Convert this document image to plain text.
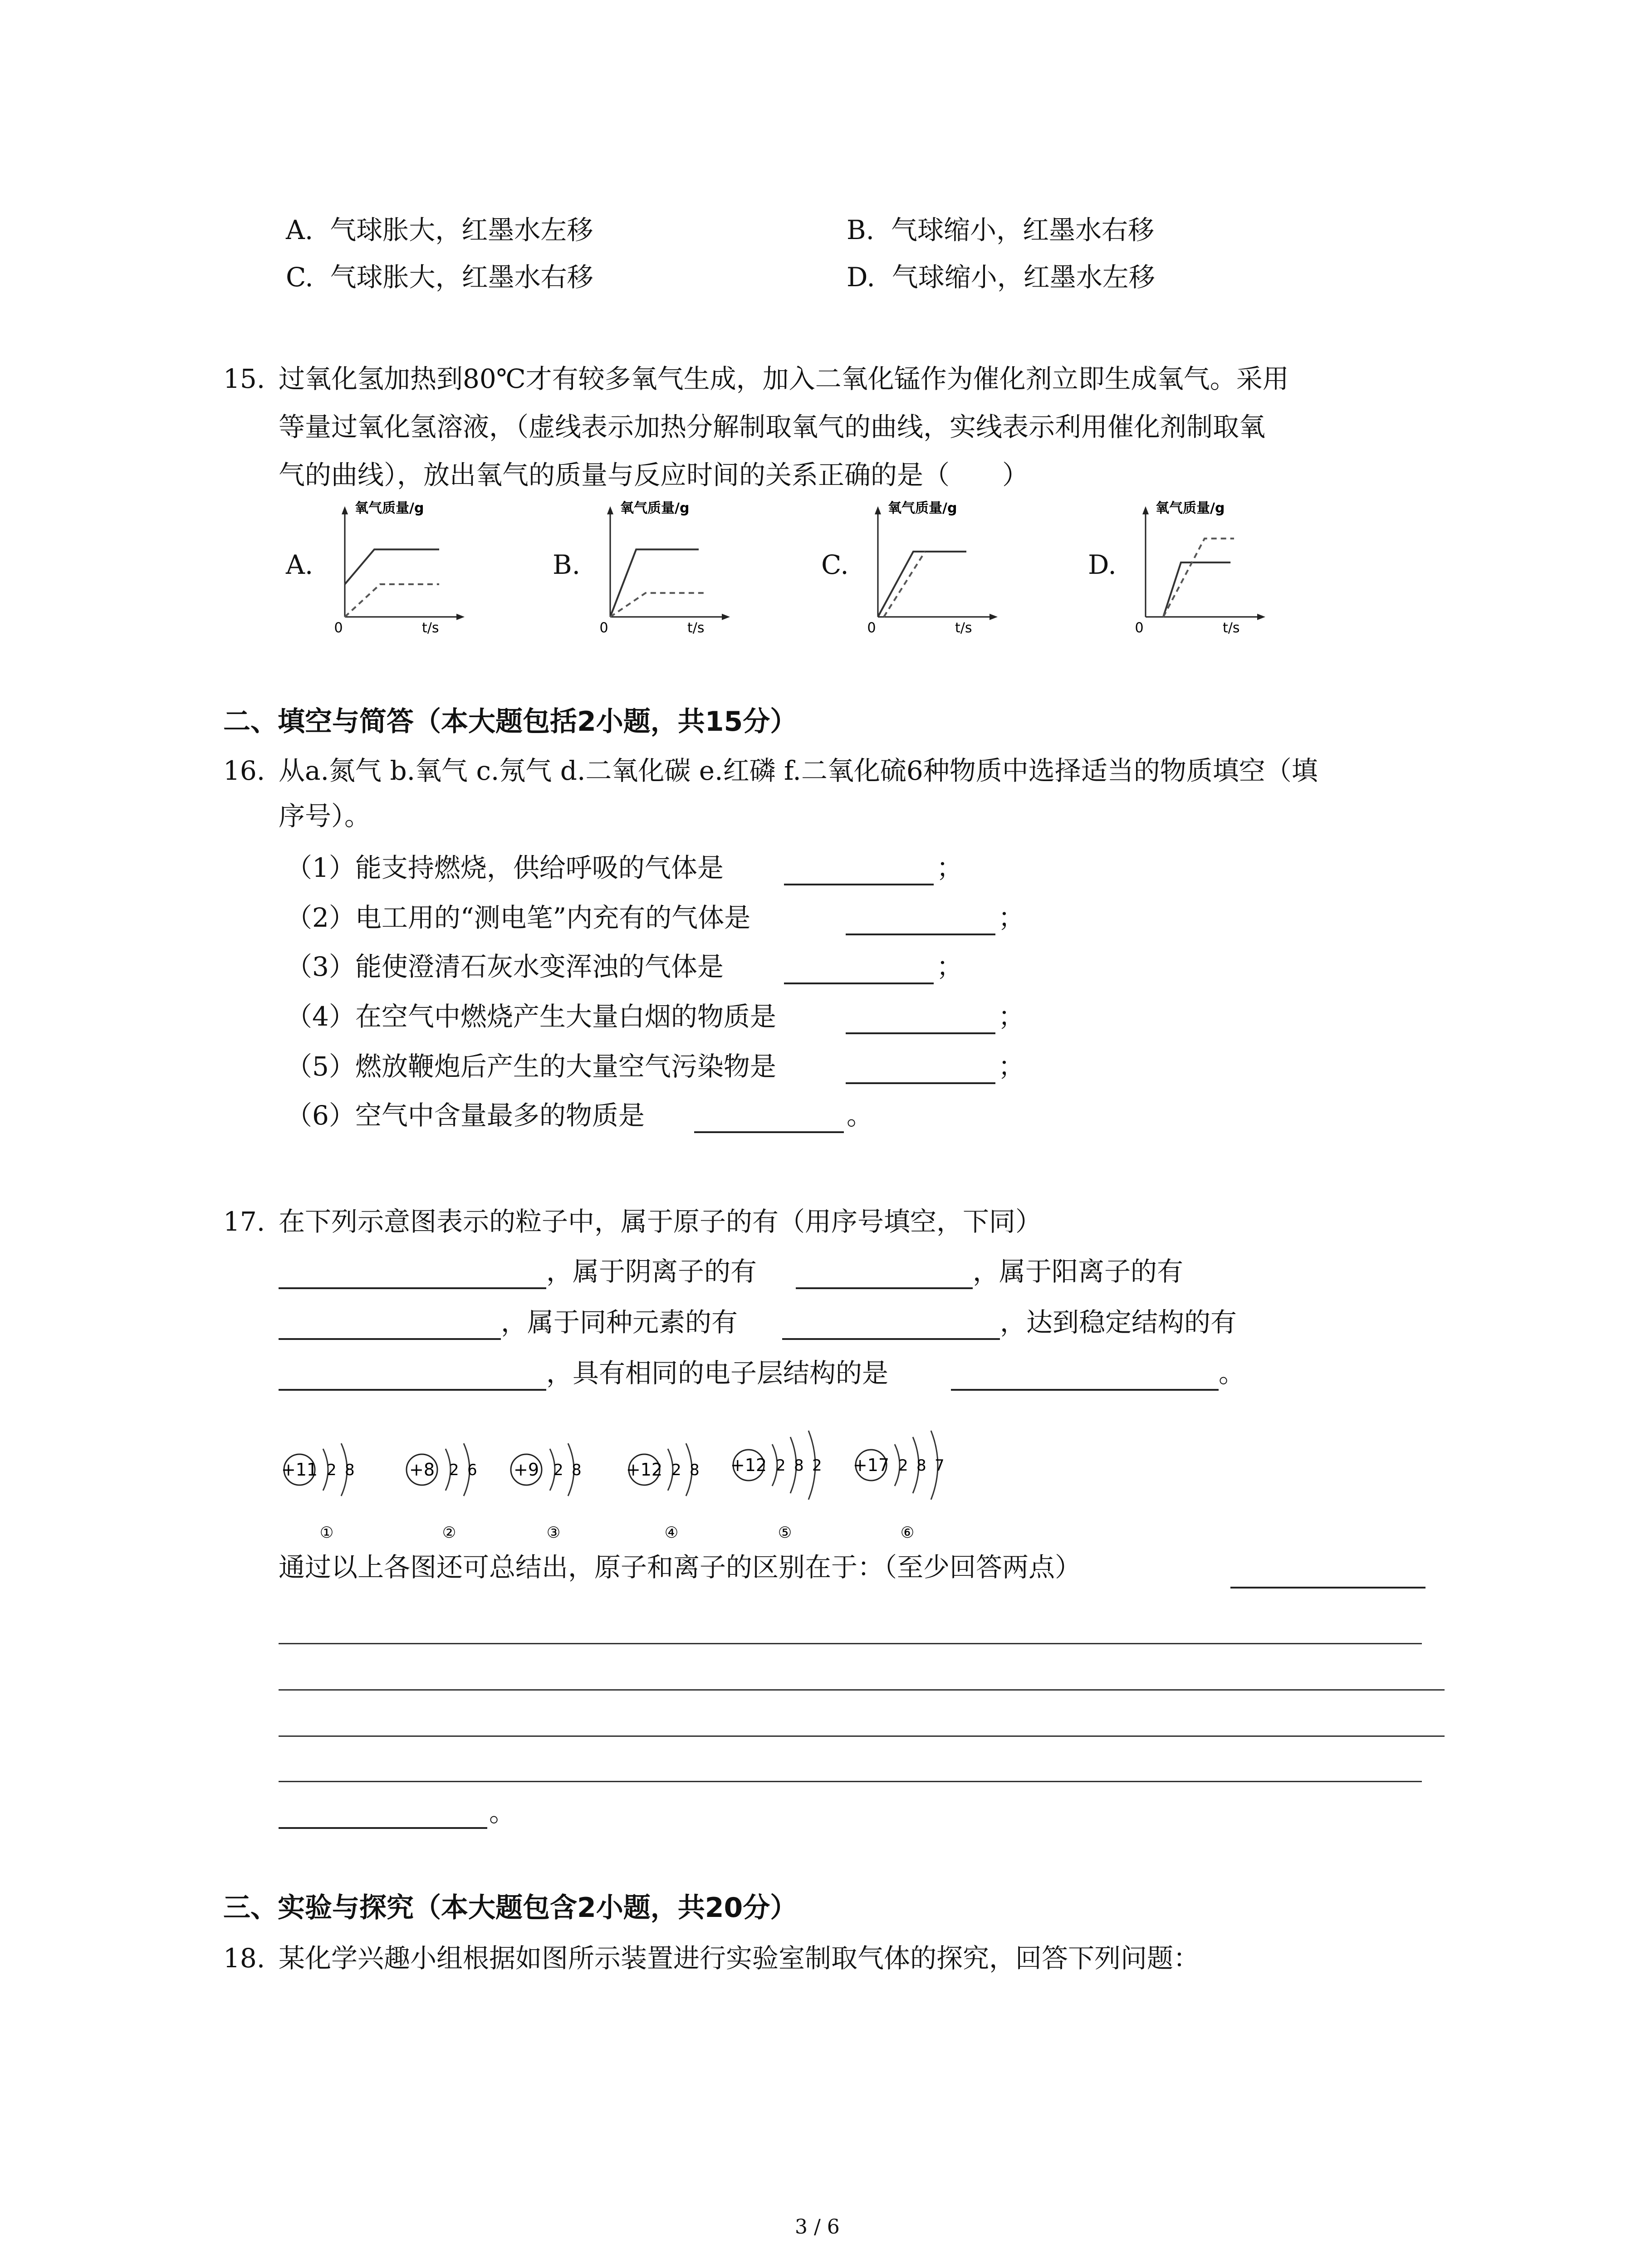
A. 气球胀大，红墨水左移	B. 气球缩小，红墨水右移
C. 气球胀大，红墨水右移	D. 气球缩小，红墨水左移
15. 过氧化氢加热到80℃才有较多氧气生成，加入二氧化锰作为催化剂立即生成氧气。采用
等量过氧化氢溶液，（虚线表示加热分解制取氧气的曲线，实线表示利用催化剂制取氧
气的曲线），放出氧气的质量与反应时间的关系正确的是（　　）
A.	B.	C.	D.
氧气质量/g
t/s
0
氧气质量/g
t/s
0
氧气质量/g
t/s
0
氧气质量/g
t/s
0
二、填空与简答（本大题包括2小题，共15分）
16. 从a.氮气 b.氧气 c.氖气 d.二氧化碳 e.红磷 f.二氧化硫6种物质中选择适当的物质填空（填
序号）。
（1）能支持燃烧，供给呼吸的气体是	；
（2）电工用的“测电笔”内充有的气体是	；
（3）能使澄清石灰水变浑浊的气体是	；
（4）在空气中燃烧产生大量白烟的物质是	；
（5）燃放鞭炮后产生的大量空气污染物是	；
（6）空气中含量最多的物质是	。
17. 在下列示意图表示的粒子中，属于原子的有（用序号填空，下同）
，属于阴离子的有	，属于阳离子的有
，属于同种元素的有	，达到稳定结构的有
，具有相同的电子层结构的是	。
+11 2 8
①
+8 2 6
②
+9 2 8
③
+12 2 8
④
+12 2 8 2
⑤
+17 2 8 7
⑥
通过以上各图还可总结出，原子和离子的区别在于：（至少回答两点）
。
三、实验与探究（本大题包含2小题，共20分）
18. 某化学兴趣小组根据如图所示装置进行实验室制取气体的探究，回答下列问题：
3 / 6
